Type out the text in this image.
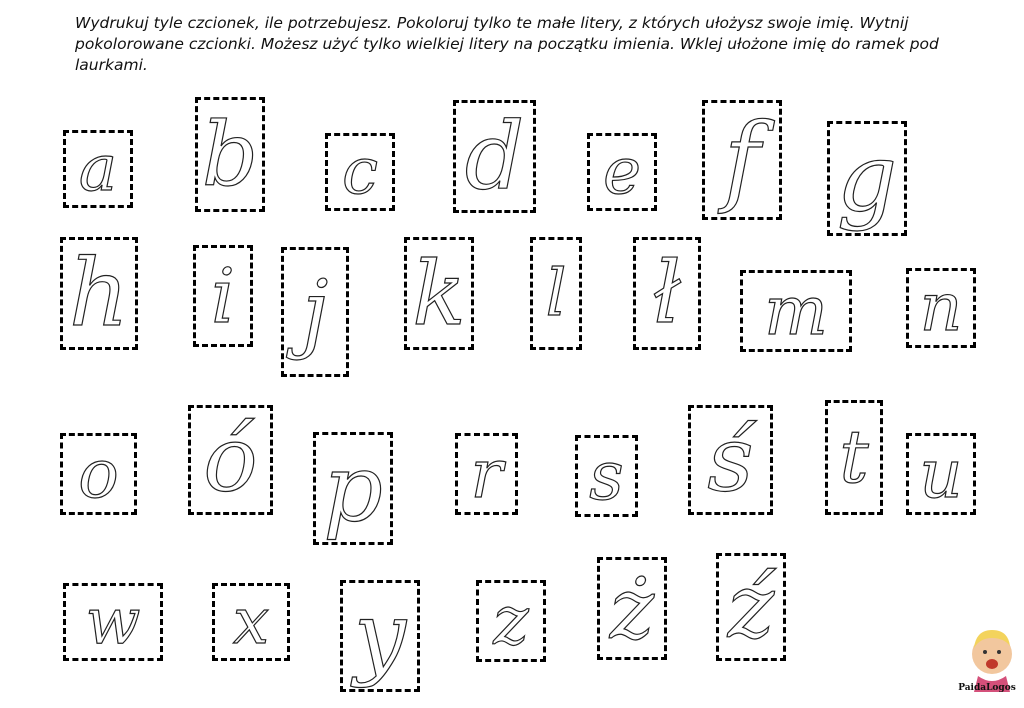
Wydrukuj tyle czcionek, ile potrzebujesz. Pokoloruj tylko te małe litery, z których ułożysz swoje imię. Wytnij pokolorowane czcionki. Możesz użyć tylko wielkiej litery na początku imienia. Wklej ułożone imię do ramek pod laurkami.
a b c d e f g
h i j k l ł m n
o ó p r s ś t u
w x y z ż ź
PaidaLogos
